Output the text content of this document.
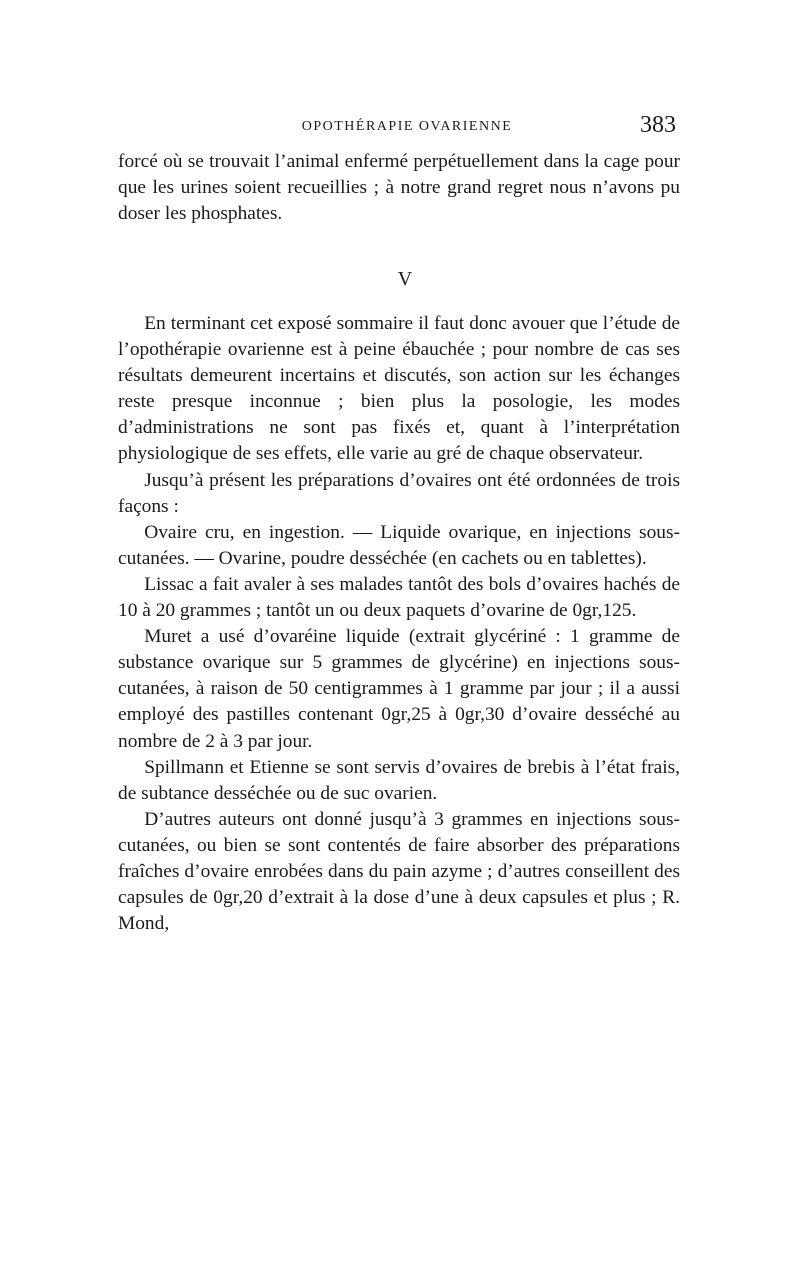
OPOTHÉRAPIE OVARIENNE	383

forcé où se trouvait l’animal enfermé perpétuellement dans la cage pour que les urines soient recueillies ; à notre grand regret nous n’avons pu doser les phosphates.

V

En terminant cet exposé sommaire il faut donc avouer que l’étude de l’opothérapie ovarienne est à peine ébauchée ; pour nombre de cas ses résultats demeurent incertains et discutés, son action sur les échanges reste presque inconnue ; bien plus la posologie, les modes d’administrations ne sont pas fixés et, quant à l’interprétation physiologique de ses effets, elle varie au gré de chaque observateur.

Jusqu’à présent les préparations d’ovaires ont été ordonnées de trois façons :

Ovaire cru, en ingestion. — Liquide ovarique, en injections sous-cutanées. — Ovarine, poudre desséchée (en cachets ou en tablettes).

Lissac a fait avaler à ses malades tantôt des bols d’ovaires hachés de 10 à 20 grammes ; tantôt un ou deux paquets d’ovarine de 0gr,125.

Muret a usé d’ovaréine liquide (extrait glycériné : 1 gramme de substance ovarique sur 5 grammes de glycérine) en injections sous-cutanées, à raison de 50 centigrammes à 1 gramme par jour ; il a aussi employé des pastilles contenant 0gr,25 à 0gr,30 d’ovaire desséché au nombre de 2 à 3 par jour.

Spillmann et Etienne se sont servis d’ovaires de brebis à l’état frais, de subtance desséchée ou de suc ovarien.

D’autres auteurs ont donné jusqu’à 3 grammes en injections sous-cutanées, ou bien se sont contentés de faire absorber des préparations fraîches d’ovaire enrobées dans du pain azyme ; d’autres conseillent des capsules de 0gr,20 d’extrait à la dose d’une à deux capsules et plus ; R. Mond,
